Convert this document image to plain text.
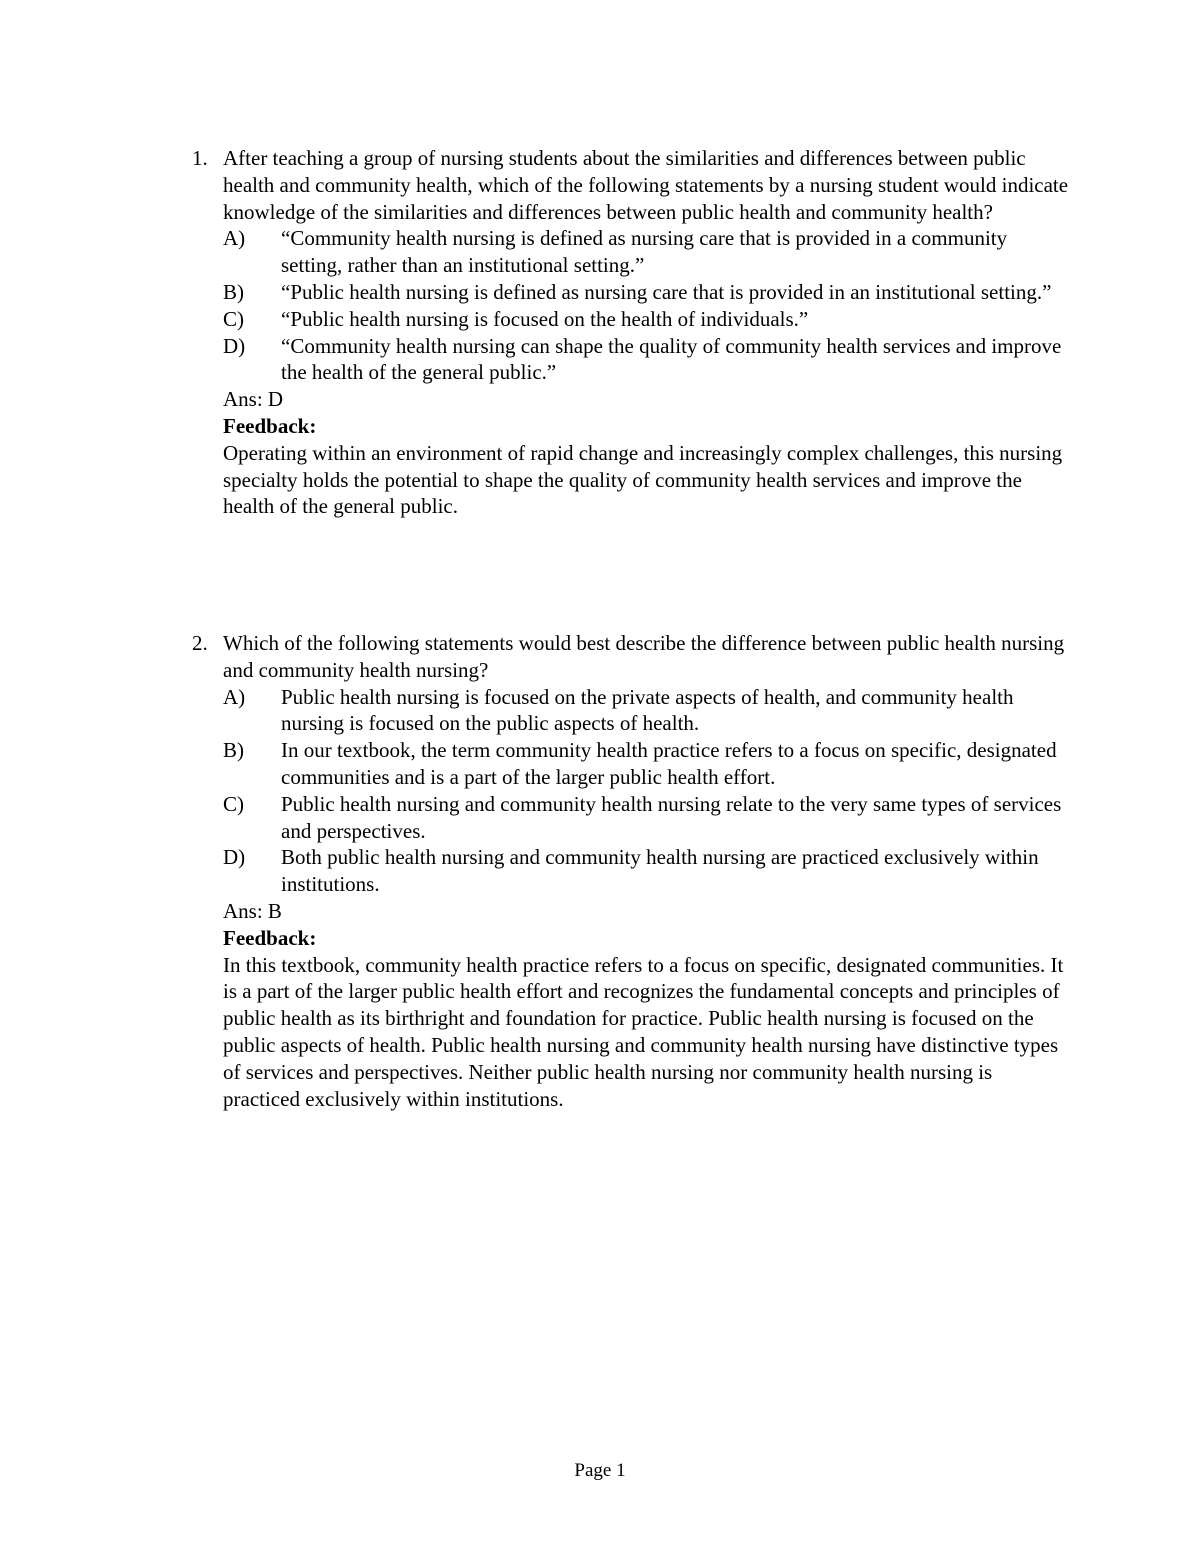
1. After teaching a group of nursing students about the similarities and differences between public health and community health, which of the following statements by a nursing student would indicate knowledge of the similarities and differences between public health and community health?
A)	“Community health nursing is defined as nursing care that is provided in a community setting, rather than an institutional setting.”
B)	“Public health nursing is defined as nursing care that is provided in an institutional setting.”
C)	“Public health nursing is focused on the health of individuals.”
D)	“Community health nursing can shape the quality of community health services and improve the health of the general public.”
Ans: D
Feedback:
Operating within an environment of rapid change and increasingly complex challenges, this nursing specialty holds the potential to shape the quality of community health services and improve the health of the general public.
2. Which of the following statements would best describe the difference between public health nursing and community health nursing?
A)	Public health nursing is focused on the private aspects of health, and community health nursing is focused on the public aspects of health.
B)	In our textbook, the term community health practice refers to a focus on specific, designated communities and is a part of the larger public health effort.
C)	Public health nursing and community health nursing relate to the very same types of services and perspectives.
D)	Both public health nursing and community health nursing are practiced exclusively within institutions.
Ans: B
Feedback:
In this textbook, community health practice refers to a focus on specific, designated communities. It is a part of the larger public health effort and recognizes the fundamental concepts and principles of public health as its birthright and foundation for practice. Public health nursing is focused on the public aspects of health. Public health nursing and community health nursing have distinctive types of services and perspectives. Neither public health nursing nor community health nursing is practiced exclusively within institutions.
Page 1
